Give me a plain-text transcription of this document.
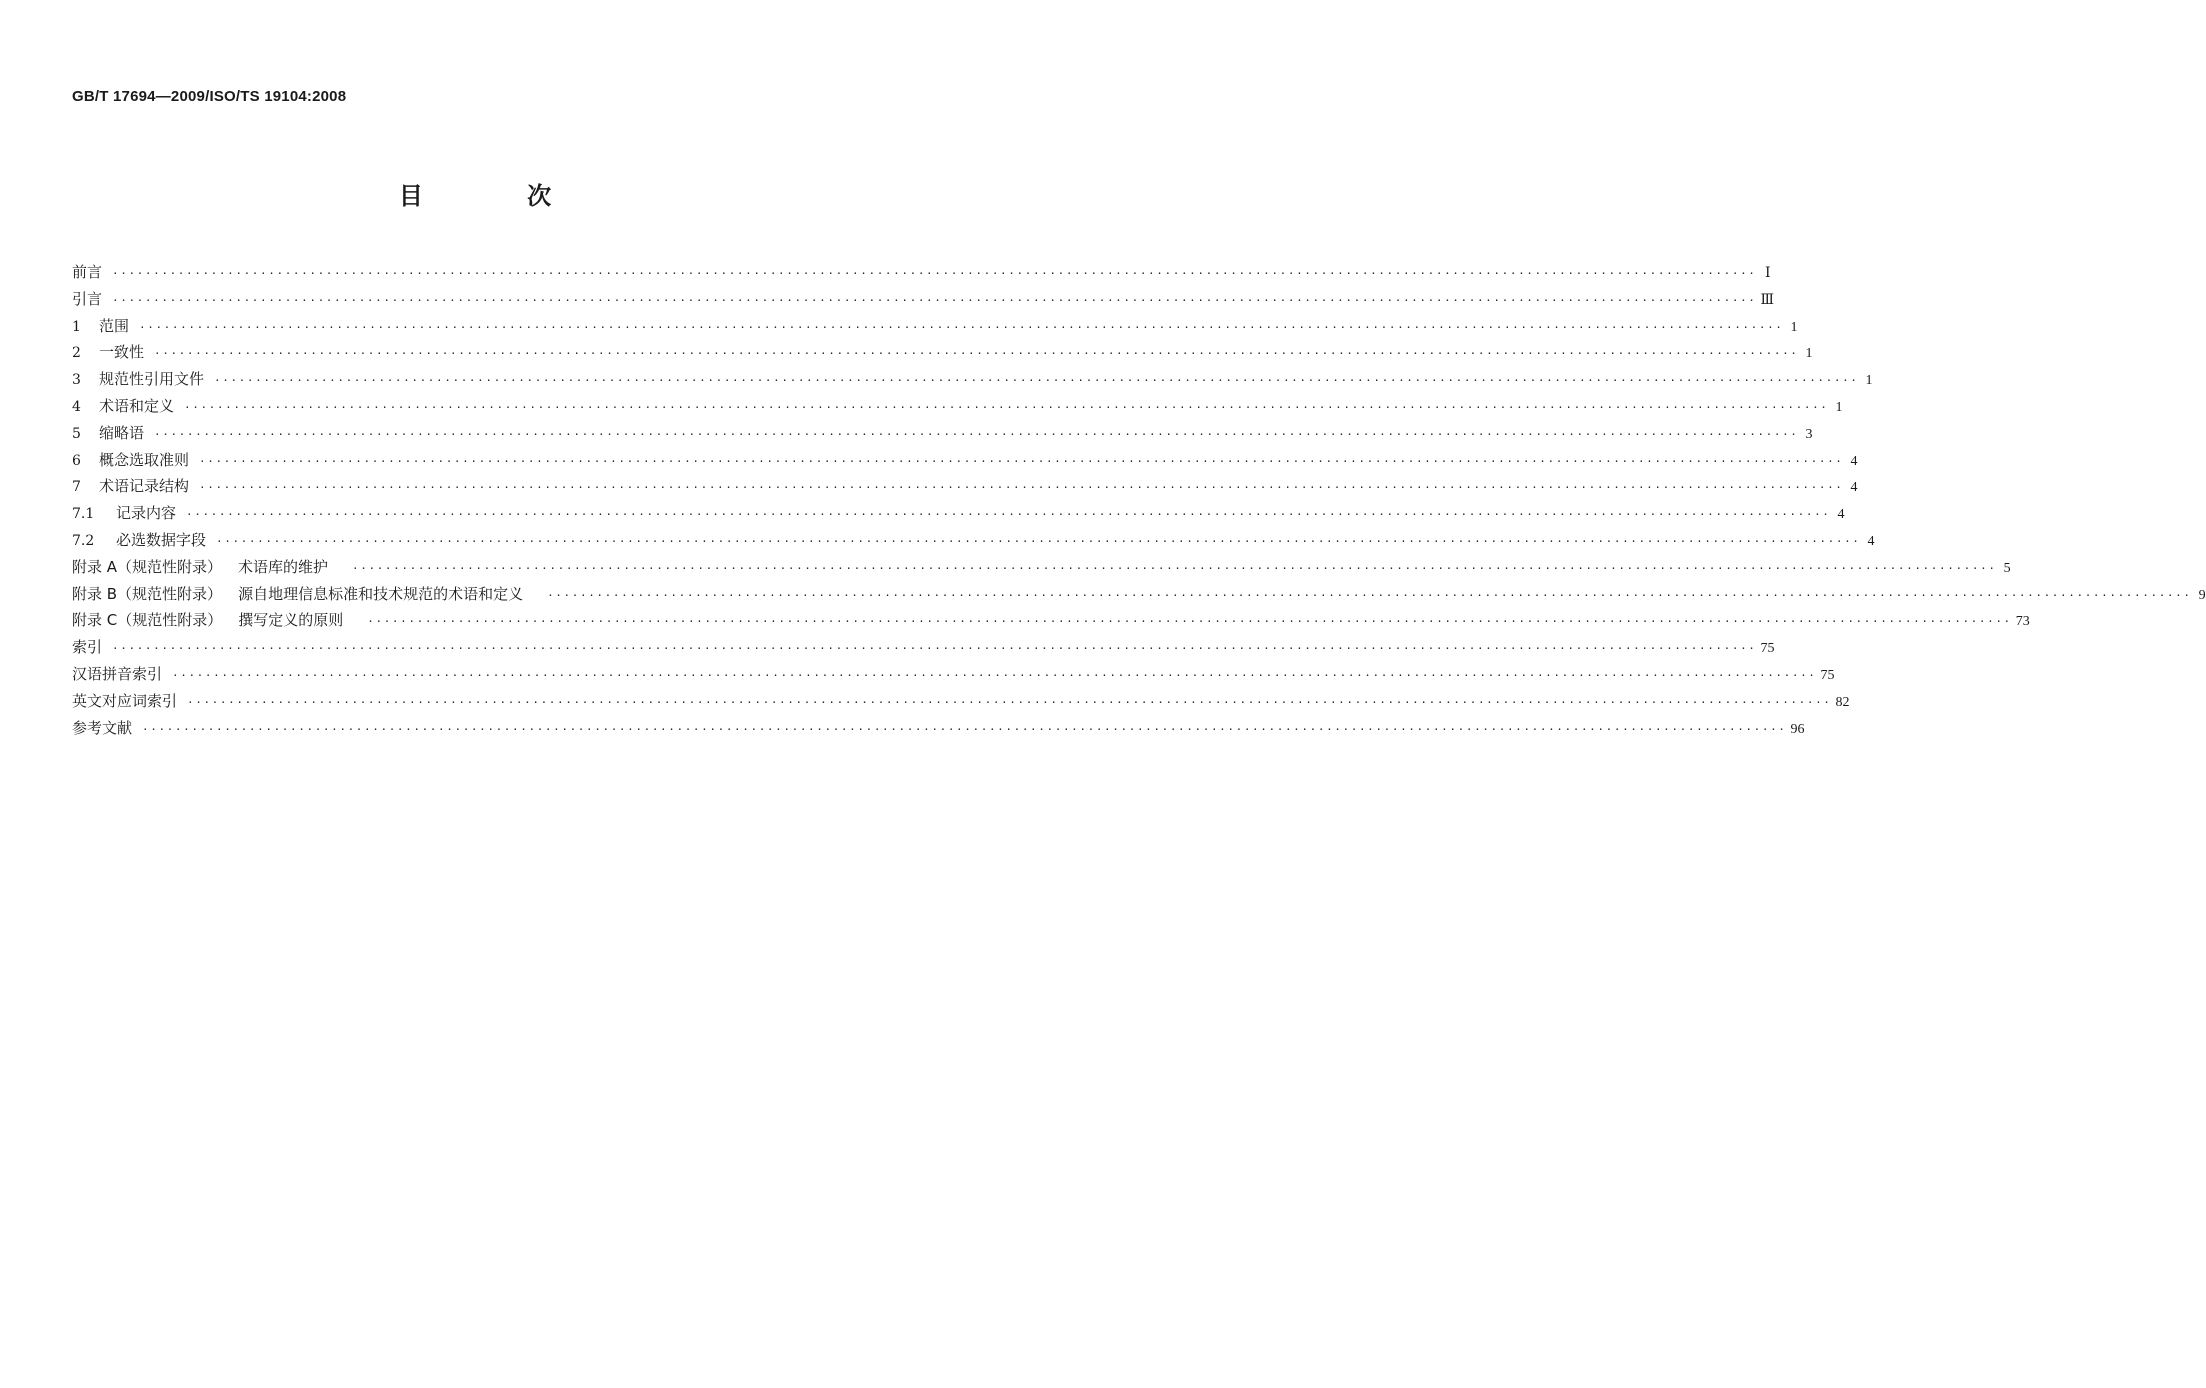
GB/T 17694—2009/ISO/TS 19104:2008
目 次
前言 ········································································································································································································ Ⅰ
引言 ········································································································································································································ Ⅲ
1	范围 ········································································································································································································ 1
2	一致性 ········································································································································································································ 1
3	规范性引用文件 ········································································································································································································ 1
4	术语和定义 ········································································································································································································ 1
5	缩略语 ········································································································································································································ 3
6	概念选取准则 ········································································································································································································ 4
7	术语记录结构 ········································································································································································································ 4
7.1	记录内容 ········································································································································································································ 4
7.2	必选数据字段 ········································································································································································································ 4
附录 A（规范性附录）	术语库的维护	········································································································································································································ 5
附录 B（规范性附录）	源自地理信息标准和技术规范的术语和定义	········································································································································································································ 9
附录 C（规范性附录）	撰写定义的原则	········································································································································································································ 73
索引 ········································································································································································································ 75
汉语拼音索引 ········································································································································································································ 75
英文对应词索引 ········································································································································································································ 82
参考文献 ········································································································································································································ 96
